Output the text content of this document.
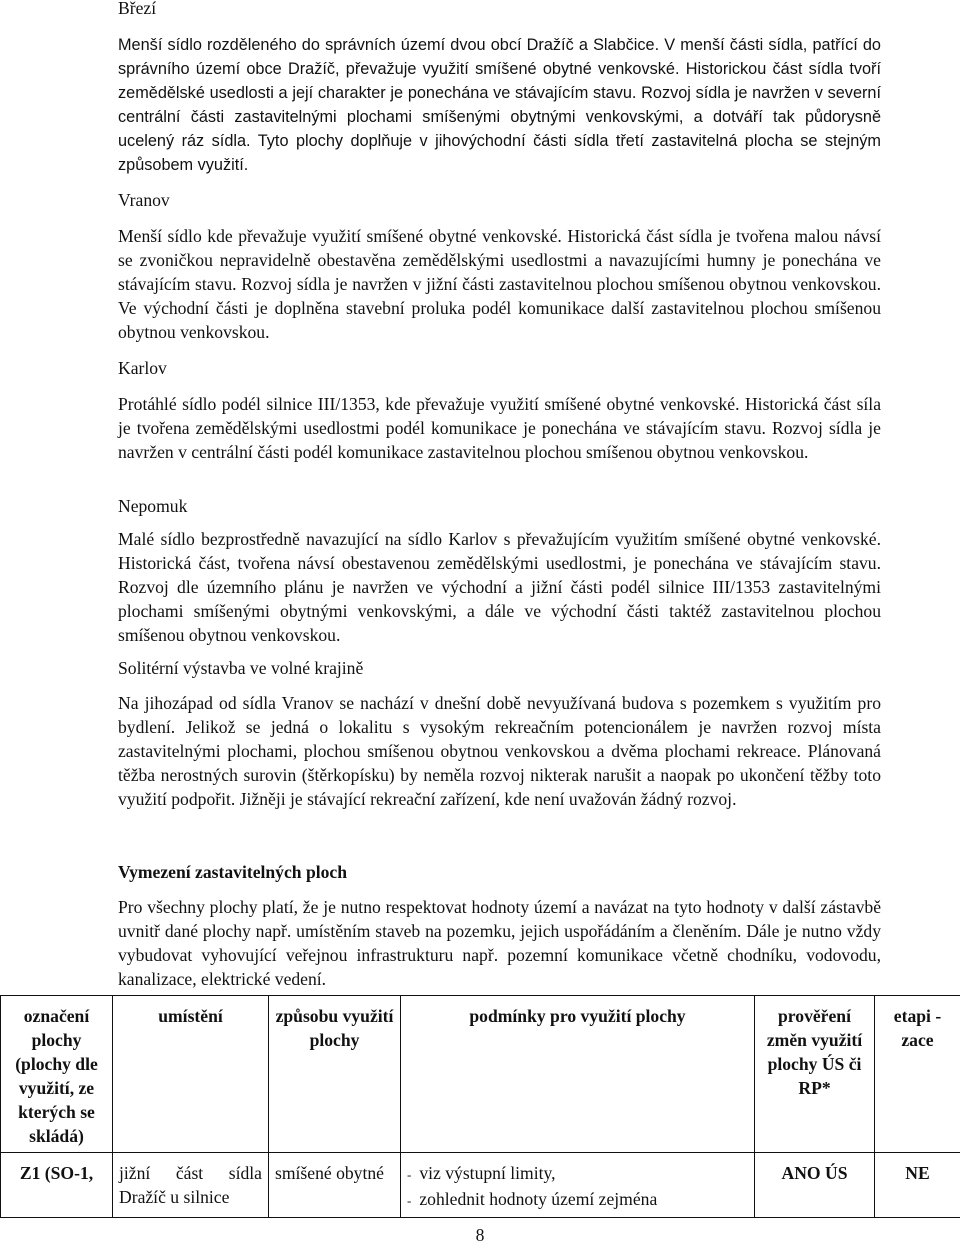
Březí

Menší sídlo rozděleného do správních území dvou obcí Dražíč a Slabčice. V menší části sídla, patřící do správního území obce Dražíč, převažuje využití smíšené obytné venkovské. Historickou část sídla tvoří zemědělské usedlosti a její charakter je ponechána ve stávajícím stavu. Rozvoj sídla je navržen v severní centrální části zastavitelnými plochami smíšenými obytnými venkovskými, a dotváří tak půdorysně ucelený ráz sídla. Tyto plochy doplňuje v jihovýchodní části sídla třetí zastavitelná plocha se stejným způsobem využití.

Vranov

Menší sídlo kde převažuje využití smíšené obytné venkovské. Historická část sídla je tvořena malou návsí se zvoničkou nepravidelně obestavěna zemědělskými usedlostmi a navazujícími humny je ponechána ve stávajícím stavu. Rozvoj sídla je navržen v jižní části zastavitelnou plochou smíšenou obytnou venkovskou. Ve východní části je doplněna stavební proluka podél komunikace další zastavitelnou plochou smíšenou obytnou venkovskou.

Karlov

Protáhlé sídlo podél silnice III/1353, kde převažuje využití smíšené obytné venkovské. Historická část síla je tvořena zemědělskými usedlostmi podél komunikace je ponechána ve stávajícím stavu. Rozvoj sídla je navržen v centrální části podél komunikace zastavitelnou plochou smíšenou obytnou venkovskou.

Nepomuk

Malé sídlo bezprostředně navazující na sídlo Karlov s převažujícím využitím smíšené obytné venkovské. Historická část, tvořena návsí obestavenou zemědělskými usedlostmi, je ponechána ve stávajícím stavu. Rozvoj dle územního plánu je navržen ve východní a jižní části podél silnice III/1353 zastavitelnými plochami smíšenými obytnými venkovskými, a dále ve východní části taktéž zastavitelnou plochou smíšenou obytnou venkovskou.

Solitérní výstavba ve volné krajině

Na jihozápad od sídla Vranov se nachází v dnešní době nevyužívaná budova s pozemkem s využitím pro bydlení. Jelikož se jedná o lokalitu s vysokým rekreačním potencionálem je navržen rozvoj místa zastavitelnými plochami, plochou smíšenou obytnou venkovskou a dvěma plochami rekreace. Plánovaná těžba nerostných surovin (štěrkopísku) by neměla rozvoj nikterak narušit a naopak po ukončení těžby toto využití podpořit. Jižněji je stávající rekreační zařízení, kde není uvažován žádný rozvoj.

Vymezení zastavitelných ploch

Pro všechny plochy platí, že je nutno respektovat hodnoty území a navázat na tyto hodnoty v další zástavbě uvnitř dané plochy např. umístěním staveb na pozemku, jejich uspořádáním a členěním. Dále je nutno vždy vybudovat vyhovující veřejnou infrastrukturu např. pozemní komunikace včetně chodníku, vodovodu, kanalizace, elektrické vedení.

označení plochy (plochy dle využití, ze kterých se skládá)	umístění	způsobu využití plochy	podmínky pro využití plochy	prověření změn využití plochy ÚS či RP*	etapi - zace
Z1 (SO-1,	jižní část sídla Dražíč u silnice	smíšené obytné	- viz výstupní limity,
- zohlednit hodnoty území zejména	ANO ÚS	NE
8
